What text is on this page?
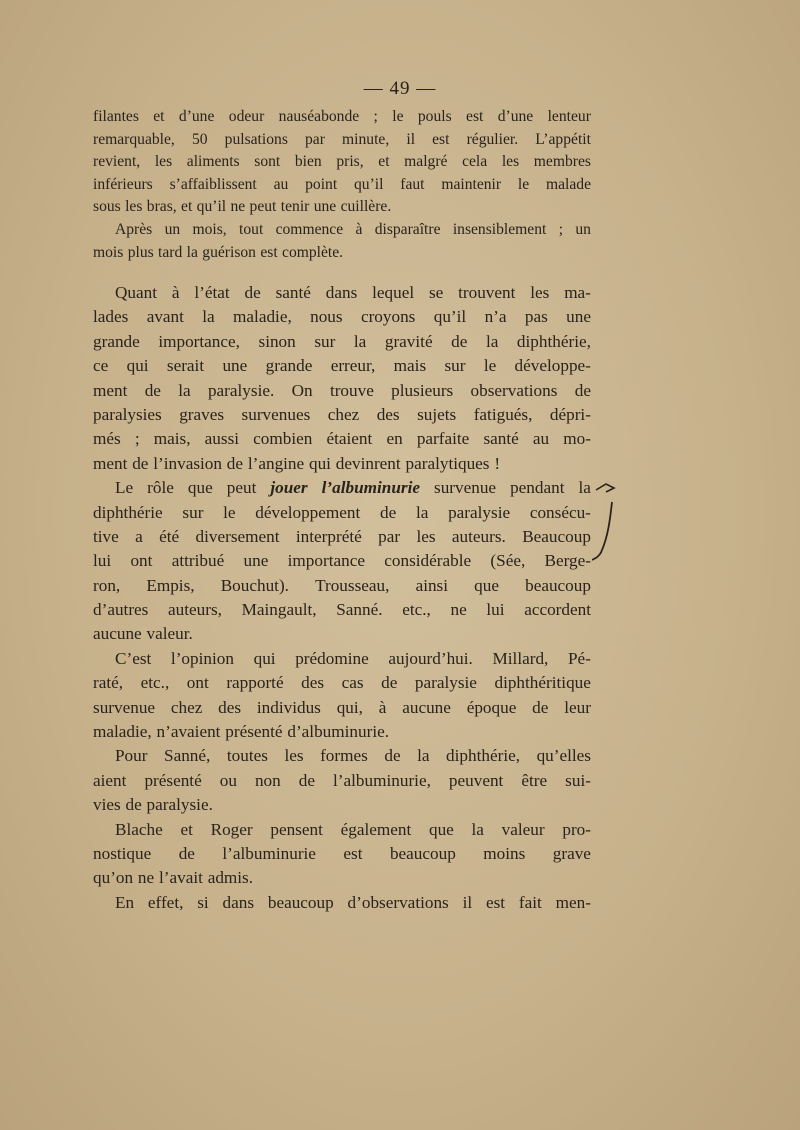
— 49 —
filantes et d’une odeur nauséabonde ; le pouls est d’une lenteur
remarquable, 50 pulsations par minute, il est régulier. L’appétit
revient, les aliments sont bien pris, et malgré cela les membres
inférieurs s’affaiblissent au point qu’il faut maintenir le malade
sous les bras, et qu’il ne peut tenir une cuillère.
Après un mois, tout commence à disparaître insensiblement ; un
mois plus tard la guérison est complète.
Quant à l’état de santé dans lequel se trouvent les ma-
lades avant la maladie, nous croyons qu’il n’a pas une
grande importance, sinon sur la gravité de la diphthérie,
ce qui serait une grande erreur, mais sur le développe-
ment de la paralysie. On trouve plusieurs observations de
paralysies graves survenues chez des sujets fatigués, dépri-
més ; mais, aussi combien étaient en parfaite santé au mo-
ment de l’invasion de l’angine qui devinrent paralytiques !
Le rôle que peut jouer l’albuminurie survenue pendant la
diphthérie sur le développement de la paralysie consécu-
tive a été diversement interprété par les auteurs. Beaucoup
lui ont attribué une importance considérable (Sée, Berge-
ron, Empis, Bouchut). Trousseau, ainsi que beaucoup
d’autres auteurs, Maingault, Sanné. etc., ne lui accordent
aucune valeur.
C’est l’opinion qui prédomine aujourd’hui. Millard, Pé-
raté, etc., ont rapporté des cas de paralysie diphthéritique
survenue chez des individus qui, à aucune époque de leur
maladie, n’avaient présenté d’albuminurie.
Pour Sanné, toutes les formes de la diphthérie, qu’elles
aient présenté ou non de l’albuminurie, peuvent être sui-
vies de paralysie.
Blache et Roger pensent également que la valeur pro-
nostique de l’albuminurie est beaucoup moins grave
qu’on ne l’avait admis.
En effet, si dans beaucoup d’observations il est fait men-
